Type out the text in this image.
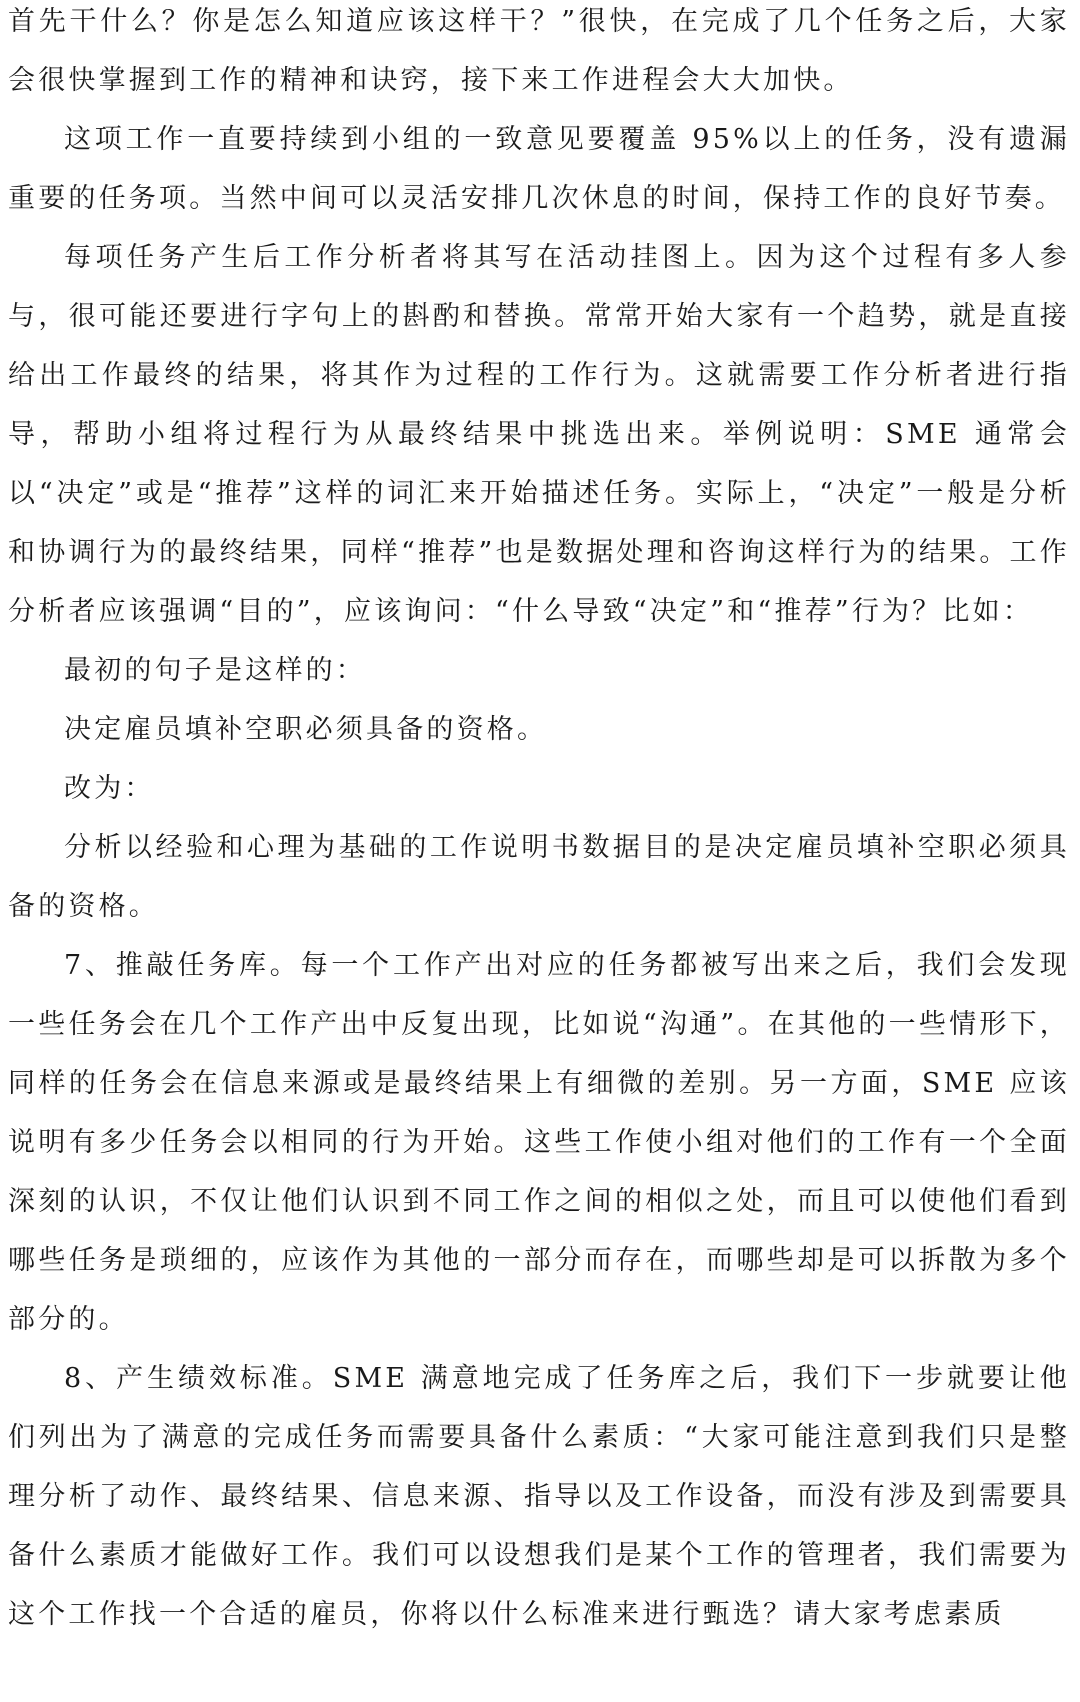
首先干什么？你是怎么知道应该这样干？”很快，在完成了几个任务之后，大家会很快掌握到工作的精神和诀窍，接下来工作进程会大大加快。

这项工作一直要持续到小组的一致意见要覆盖 95%以上的任务，没有遗漏重要的任务项。当然中间可以灵活安排几次休息的时间，保持工作的良好节奏。

每项任务产生后工作分析者将其写在活动挂图上。因为这个过程有多人参与，很可能还要进行字句上的斟酌和替换。常常开始大家有一个趋势，就是直接给出工作最终的结果，将其作为过程的工作行为。这就需要工作分析者进行指导，帮助小组将过程行为从最终结果中挑选出来。举例说明：SME 通常会以“决定”或是“推荐”这样的词汇来开始描述任务。实际上，“决定”一般是分析和协调行为的最终结果，同样“推荐”也是数据处理和咨询这样行为的结果。工作分析者应该强调“目的”，应该询问：“什么导致“决定”和“推荐”行为？比如：

最初的句子是这样的：

决定雇员填补空职必须具备的资格。

改为：

分析以经验和心理为基础的工作说明书数据目的是决定雇员填补空职必须具备的资格。

7、推敲任务库。每一个工作产出对应的任务都被写出来之后，我们会发现一些任务会在几个工作产出中反复出现，比如说“沟通”。在其他的一些情形下，同样的任务会在信息来源或是最终结果上有细微的差别。另一方面，SME 应该说明有多少任务会以相同的行为开始。这些工作使小组对他们的工作有一个全面深刻的认识，不仅让他们认识到不同工作之间的相似之处，而且可以使他们看到哪些任务是琐细的，应该作为其他的一部分而存在，而哪些却是可以拆散为多个部分的。

8、产生绩效标准。SME 满意地完成了任务库之后，我们下一步就要让他们列出为了满意的完成任务而需要具备什么素质：“大家可能注意到我们只是整理分析了动作、最终结果、信息来源、指导以及工作设备，而没有涉及到需要具备什么素质才能做好工作。我们可以设想我们是某个工作的管理者，我们需要为这个工作找一个合适的雇员，你将以什么标准来进行甄选？请大家考虑素质
